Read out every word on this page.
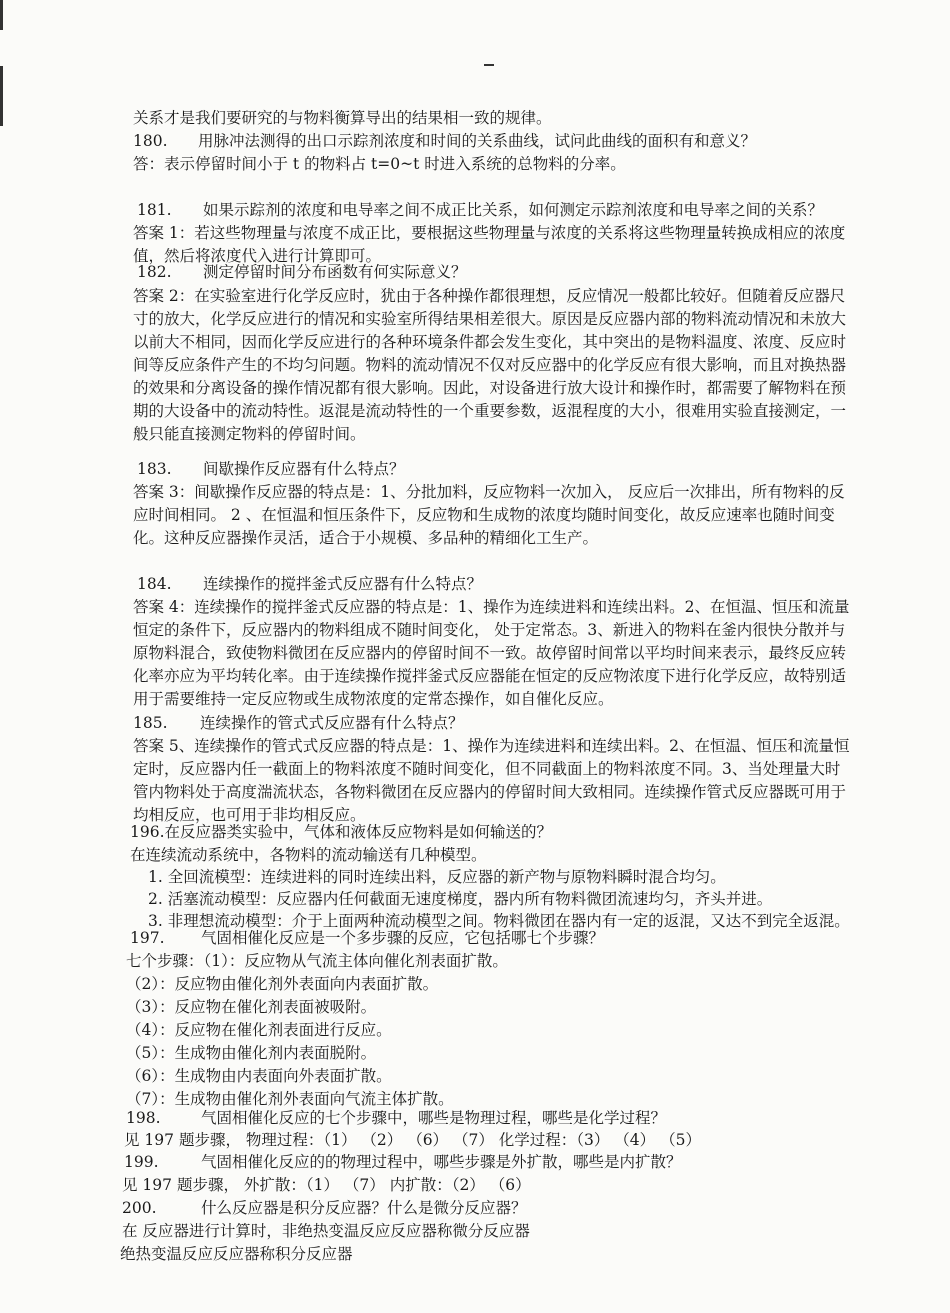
关系才是我们要研究的与物料衡算导出的结果相一致的规律。
180. 用脉冲法测得的出口示踪剂浓度和时间的关系曲线，试问此曲线的面积有和意义？
答：表示停留时间小于 t 的物料占 t=0~t 时进入系统的总物料的分率。
181. 如果示踪剂的浓度和电导率之间不成正比关系，如何测定示踪剂浓度和电导率之间的关系？
答案 1：若这些物理量与浓度不成正比，要根据这些物理量与浓度的关系将这些物理量转换成相应的浓度
值，然后将浓度代入进行计算即可。
182. 测定停留时间分布函数有何实际意义？
答案 2：在实验室进行化学反应时，犹由于各种操作都很理想，反应情况一般都比较好。但随着反应器尺
寸的放大，化学反应进行的情况和实验室所得结果相差很大。原因是反应器内部的物料流动情况和未放大
以前大不相同，因而化学反应进行的各种环境条件都会发生变化，其中突出的是物料温度、浓度、反应时
间等反应条件产生的不均匀问题。物料的流动情况不仅对反应器中的化学反应有很大影响，而且对换热器
的效果和分离设备的操作情况都有很大影响。因此，对设备进行放大设计和操作时，都需要了解物料在预
期的大设备中的流动特性。返混是流动特性的一个重要参数，返混程度的大小，很难用实验直接测定，一
般只能直接测定物料的停留时间。
183. 间歇操作反应器有什么特点？
答案 3：间歇操作反应器的特点是：1、分批加料，反应物料一次加入， 反应后一次排出，所有物料的反
应时间相同。 2 、在恒温和恒压条件下，反应物和生成物的浓度均随时间变化，故反应速率也随时间变
化。这种反应器操作灵活，适合于小规模、多品种的精细化工生产。
184. 连续操作的搅拌釜式反应器有什么特点？
答案 4：连续操作的搅拌釜式反应器的特点是：1、操作为连续进料和连续出料。2、在恒温、恒压和流量
恒定的条件下，反应器内的物料组成不随时间变化， 处于定常态。3、新进入的物料在釜内很快分散并与
原物料混合，致使物料微团在反应器内的停留时间不一致。故停留时间常以平均时间来表示，最终反应转
化率亦应为平均转化率。由于连续操作搅拌釜式反应器能在恒定的反应物浓度下进行化学反应，故特别适
用于需要维持一定反应物或生成物浓度的定常态操作，如自催化反应。
185. 连续操作的管式式反应器有什么特点？
答案 5、连续操作的管式式反应器的特点是：1、操作为连续进料和连续出料。2、在恒温、恒压和流量恒
定时，反应器内任一截面上的物料浓度不随时间变化，但不同截面上的物料浓度不同。3、当处理量大时
管内物料处于高度湍流状态，各物料微团在反应器内的停留时间大致相同。连续操作管式反应器既可用于
均相反应，也可用于非均相反应。
196.在反应器类实验中，气体和液体反应物料是如何输送的？
在连续流动系统中，各物料的流动输送有几种模型。
1. 全回流模型：连续进料的同时连续出料，反应器的新产物与原物料瞬时混合均匀。
2. 活塞流动模型：反应器内任何截面无速度梯度，器内所有物料微团流速均匀，齐头并进。
3. 非理想流动模型：介于上面两种流动模型之间。物料微团在器内有一定的返混，又达不到完全返混。
197. 气固相催化反应是一个多步骤的反应，它包括哪七个步骤？
七个步骤：（1）：反应物从气流主体向催化剂表面扩散。
（2）：反应物由催化剂外表面向内表面扩散。
（3）：反应物在催化剂表面被吸附。
（4）：反应物在催化剂表面进行反应。
（5）：生成物由催化剂内表面脱附。
（6）：生成物由内表面向外表面扩散。
（7）：生成物由催化剂外表面向气流主体扩散。
198.	气固相催化反应的七个步骤中，哪些是物理过程，哪些是化学过程？
见 197 题步骤， 物理过程：（1） （2） （6） （7） 化学过程：（3） （4） （5）
199.	气固相催化反应的的物理过程中，哪些步骤是外扩散，哪些是内扩散？
见 197 题步骤， 外扩散：（1） （7） 内扩散：（2） （6）
200.	什么反应器是积分反应器？什么是微分反应器？
在 反应器进行计算时，非绝热变温反应反应器称微分反应器
绝热变温反应反应器称积分反应器
